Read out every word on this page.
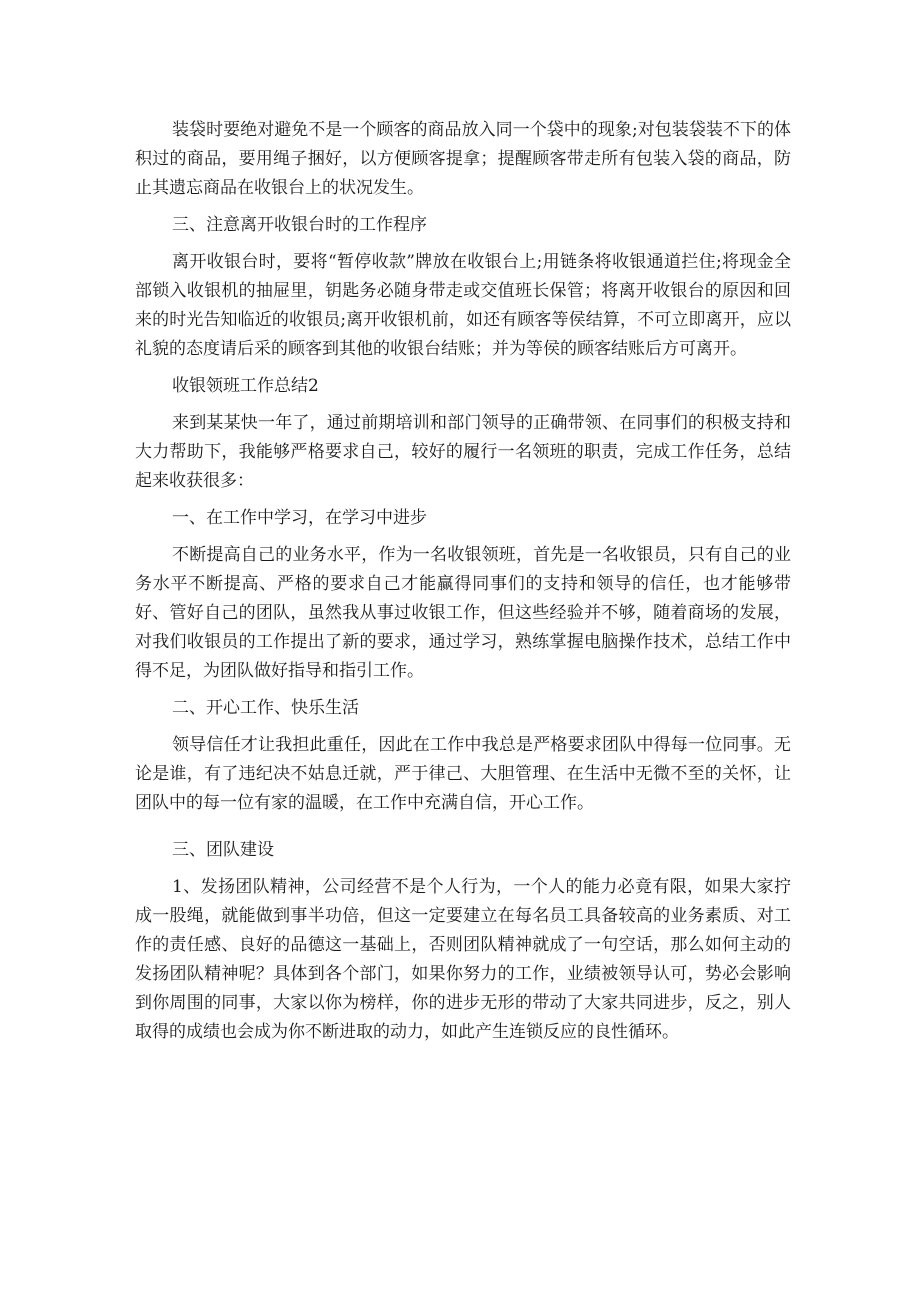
装袋时要绝对避免不是一个顾客的商品放入同一个袋中的现象;对包装袋装不下的体积过的商品，要用绳子捆好，以方便顾客提拿；提醒顾客带走所有包装入袋的商品，防止其遗忘商品在收银台上的状况发生。

三、注意离开收银台时的工作程序

离开收银台时，要将“暂停收款”牌放在收银台上;用链条将收银通道拦住;将现金全部锁入收银机的抽屉里，钥匙务必随身带走或交值班长保管；将离开收银台的原因和回来的时光告知临近的收银员;离开收银机前，如还有顾客等侯结算，不可立即离开，应以礼貌的态度请后采的顾客到其他的收银台结账；并为等侯的顾客结账后方可离开。

收银领班工作总结2

来到某某快一年了，通过前期培训和部门领导的正确带领、在同事们的积极支持和大力帮助下，我能够严格要求自己，较好的履行一名领班的职责，完成工作任务，总结起来收获很多：

一、在工作中学习，在学习中进步

不断提高自己的业务水平，作为一名收银领班，首先是一名收银员，只有自己的业务水平不断提高、严格的要求自己才能赢得同事们的支持和领导的信任，也才能够带好、管好自己的团队，虽然我从事过收银工作，但这些经验并不够，随着商场的发展，对我们收银员的工作提出了新的要求，通过学习，熟练掌握电脑操作技术，总结工作中得不足，为团队做好指导和指引工作。

二、开心工作、快乐生活

领导信任才让我担此重任，因此在工作中我总是严格要求团队中得每一位同事。无论是谁，有了违纪决不姑息迁就，严于律己、大胆管理、在生活中无微不至的关怀，让团队中的每一位有家的温暖，在工作中充满自信，开心工作。

三、团队建设

1、发扬团队精神，公司经营不是个人行为，一个人的能力必竟有限，如果大家拧成一股绳，就能做到事半功倍，但这一定要建立在每名员工具备较高的业务素质、对工作的责任感、良好的品德这一基础上，否则团队精神就成了一句空话，那么如何主动的发扬团队精神呢？具体到各个部门，如果你努力的工作，业绩被领导认可，势必会影响到你周围的同事，大家以你为榜样，你的进步无形的带动了大家共同进步，反之，别人取得的成绩也会成为你不断进取的动力，如此产生连锁反应的良性循环。
